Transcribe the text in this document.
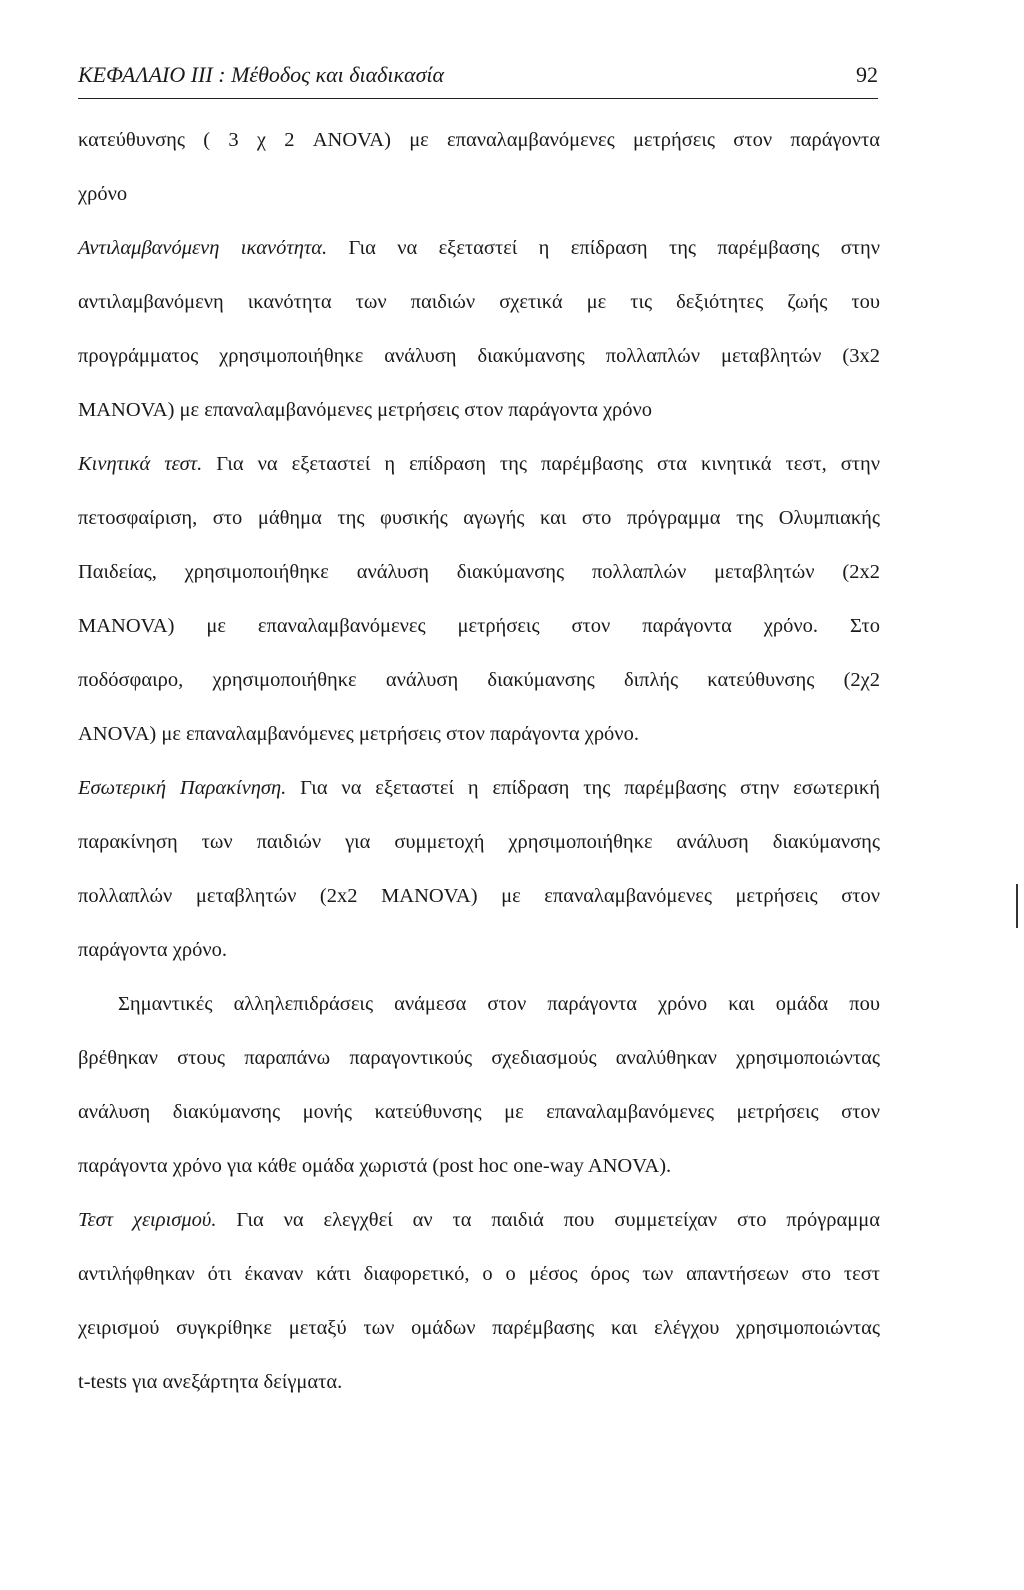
ΚΕΦΑΛΑΙΟ ΙΙΙ : Μέθοδος και διαδικασία	92
κατεύθυνσης ( 3 χ 2 ANOVA) με επαναλαμβανόμενες μετρήσεις στον παράγοντα
χρόνο
Αντιλαμβανόμενη ικανότητα. Για να εξεταστεί η επίδραση της παρέμβασης στην
αντιλαμβανόμενη ικανότητα των παιδιών σχετικά με τις δεξιότητες ζωής του
προγράμματος χρησιμοποιήθηκε ανάλυση διακύμανσης πολλαπλών μεταβλητών (3x2
MANOVA) με επαναλαμβανόμενες μετρήσεις στον παράγοντα χρόνο
Κινητικά τεστ. Για να εξεταστεί η επίδραση της παρέμβασης στα κινητικά τεστ, στην
πετοσφαίριση, στο μάθημα της φυσικής αγωγής και στο πρόγραμμα της Ολυμπιακής
Παιδείας, χρησιμοποιήθηκε ανάλυση διακύμανσης πολλαπλών μεταβλητών (2x2
MANOVA) με επαναλαμβανόμενες μετρήσεις στον παράγοντα χρόνο. Στο
ποδόσφαιρο, χρησιμοποιήθηκε ανάλυση διακύμανσης διπλής κατεύθυνσης (2χ2
ANOVA) με επαναλαμβανόμενες μετρήσεις στον παράγοντα χρόνο.
Εσωτερική Παρακίνηση. Για να εξεταστεί η επίδραση της παρέμβασης στην εσωτερική
παρακίνηση των παιδιών για συμμετοχή χρησιμοποιήθηκε ανάλυση διακύμανσης
πολλαπλών μεταβλητών (2x2 MANOVA) με επαναλαμβανόμενες μετρήσεις στον
παράγοντα χρόνο.
Σημαντικές αλληλεπιδράσεις ανάμεσα στον παράγοντα χρόνο και ομάδα που
βρέθηκαν στους παραπάνω παραγοντικούς σχεδιασμούς αναλύθηκαν χρησιμοποιώντας
ανάλυση διακύμανσης μονής κατεύθυνσης με επαναλαμβανόμενες μετρήσεις στον
παράγοντα χρόνο για κάθε ομάδα χωριστά (post hoc one-way ANOVA).
Τεστ χειρισμού. Για να ελεγχθεί αν τα παιδιά που συμμετείχαν στο πρόγραμμα
αντιλήφθηκαν ότι έκαναν κάτι διαφορετικό, ο ο μέσος όρος των απαντήσεων στο τεστ
χειρισμού συγκρίθηκε μεταξύ των ομάδων παρέμβασης και ελέγχου χρησιμοποιώντας
t-tests για ανεξάρτητα δείγματα.
